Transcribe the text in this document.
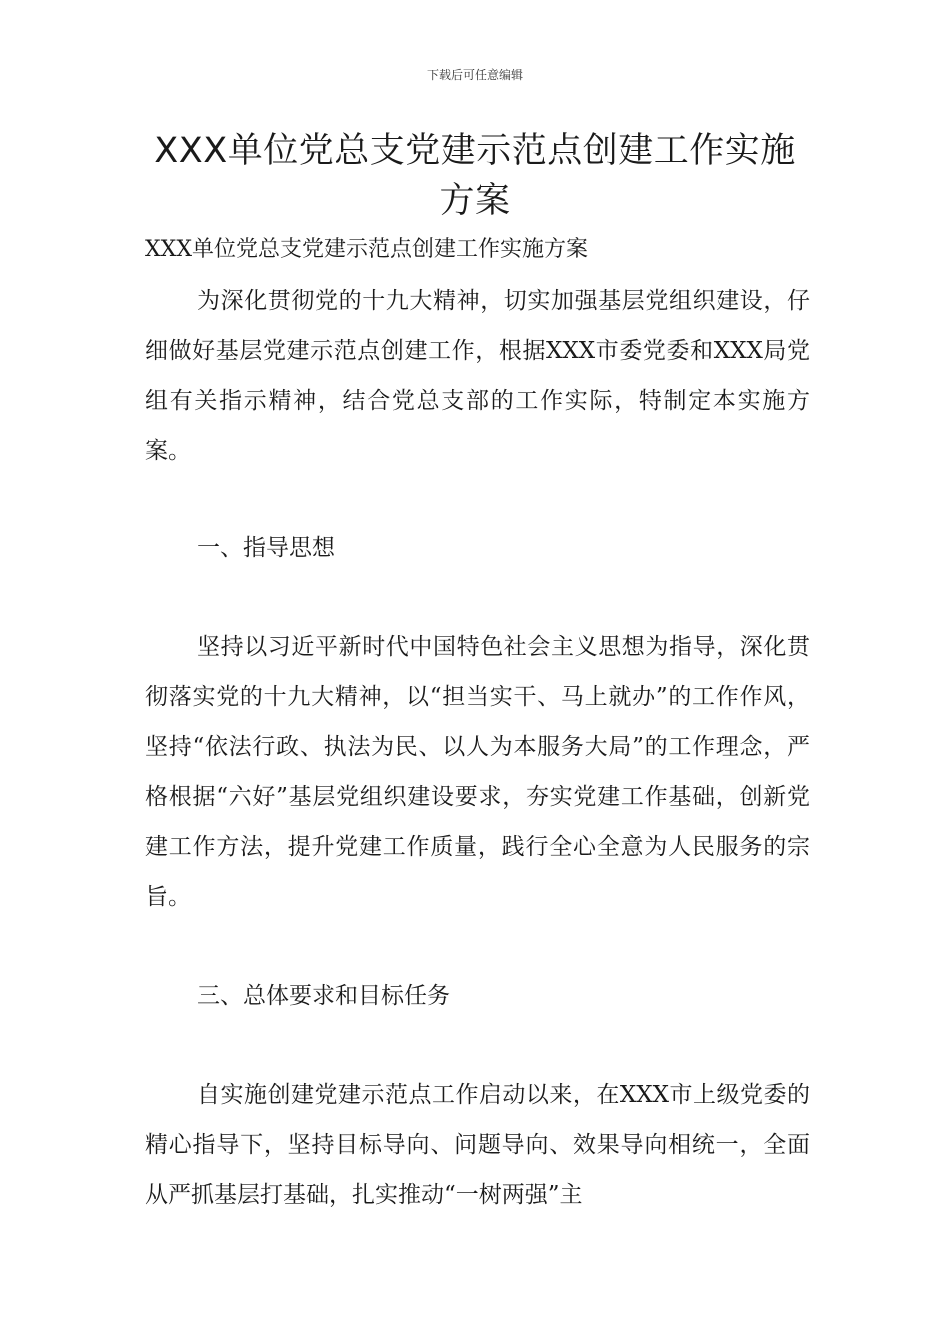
下载后可任意编辑
XXX单位党总支党建示范点创建工作实施方案
XXX单位党总支党建示范点创建工作实施方案

为深化贯彻党的十九大精神，切实加强基层党组织建设，仔细做好基层党建示范点创建工作，根据XXX市委党委和XXX局党组有关指示精神，结合党总支部的工作实际，特制定本实施方案。

一、指导思想

坚持以习近平新时代中国特色社会主义思想为指导，深化贯彻落实党的十九大精神，以“担当实干、马上就办”的工作作风，坚持“依法行政、执法为民、以人为本服务大局”的工作理念，严格根据“六好”基层党组织建设要求，夯实党建工作基础，创新党建工作方法，提升党建工作质量，践行全心全意为人民服务的宗旨。

三、总体要求和目标任务

自实施创建党建示范点工作启动以来，在XXX市上级党委的精心指导下，坚持目标导向、问题导向、效果导向相统一，全面从严抓基层打基础，扎实推动“一树两强”主
